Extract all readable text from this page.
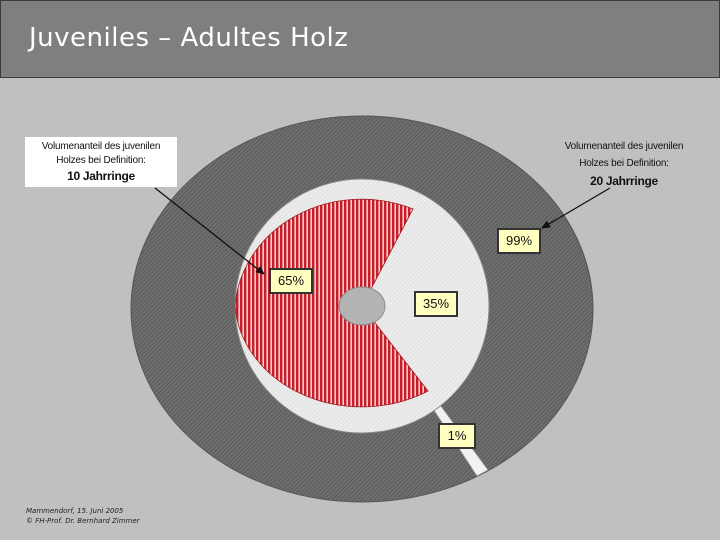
Juveniles – Adultes Holz
Volumenanteil des juvenilen
Holzes bei Definition:
10 Jahrringe
Volumenanteil des juvenilen
Holzes bei Definition:
20 Jahrringe
99%
65%
35%
1%
Mammendorf, 15. Juni 2005
© FH-Prof. Dr. Bernhard Zimmer
